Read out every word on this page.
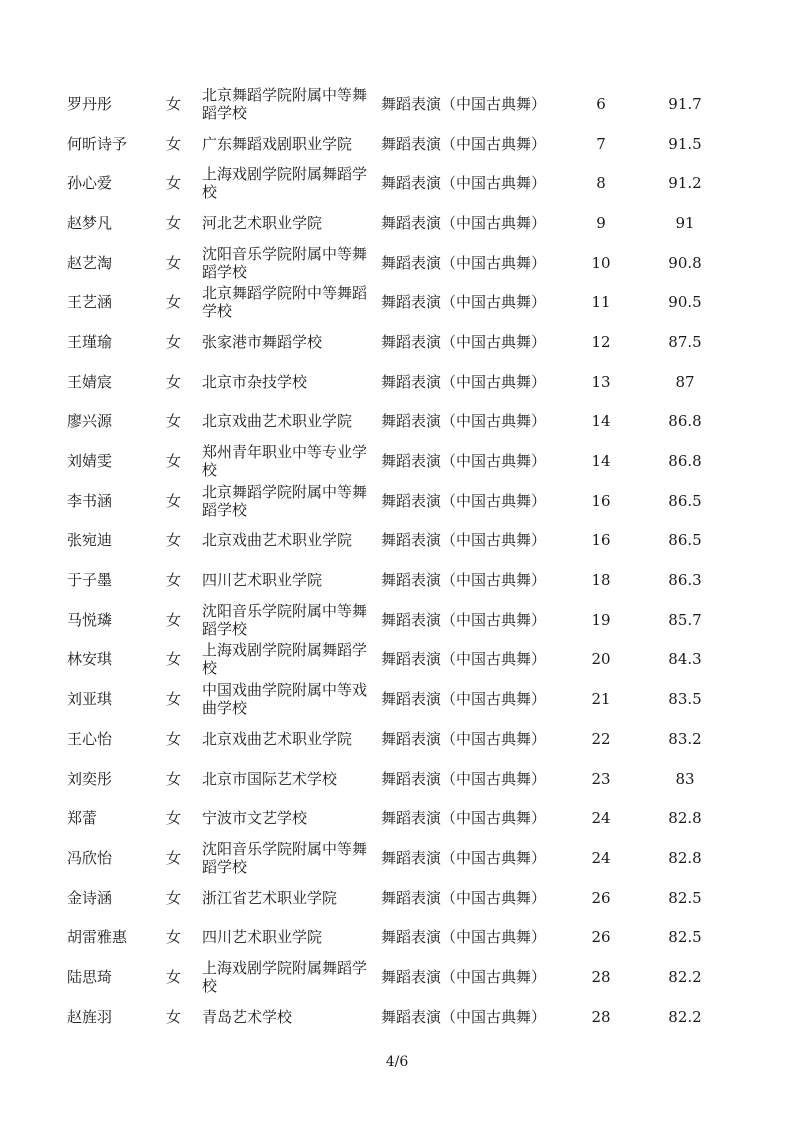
罗丹彤	女	北京舞蹈学院附属中等舞蹈学校	舞蹈表演（中国古典舞）	6	91.7
何昕诗予	女	广东舞蹈戏剧职业学院	舞蹈表演（中国古典舞）	7	91.5
孙心爱	女	上海戏剧学院附属舞蹈学校	舞蹈表演（中国古典舞）	8	91.2
赵梦凡	女	河北艺术职业学院	舞蹈表演（中国古典舞）	9	91
赵艺淘	女	沈阳音乐学院附属中等舞蹈学校	舞蹈表演（中国古典舞）	10	90.8
王艺涵	女	北京舞蹈学院附中等舞蹈学校	舞蹈表演（中国古典舞）	11	90.5
王瑾瑜	女	张家港市舞蹈学校	舞蹈表演（中国古典舞）	12	87.5
王婧宸	女	北京市杂技学校	舞蹈表演（中国古典舞）	13	87
廖兴源	女	北京戏曲艺术职业学院	舞蹈表演（中国古典舞）	14	86.8
刘婧雯	女	郑州青年职业中等专业学校	舞蹈表演（中国古典舞）	14	86.8
李书涵	女	北京舞蹈学院附属中等舞蹈学校	舞蹈表演（中国古典舞）	16	86.5
张宛迪	女	北京戏曲艺术职业学院	舞蹈表演（中国古典舞）	16	86.5
于子墨	女	四川艺术职业学院	舞蹈表演（中国古典舞）	18	86.3
马悦璘	女	沈阳音乐学院附属中等舞蹈学校	舞蹈表演（中国古典舞）	19	85.7
林安琪	女	上海戏剧学院附属舞蹈学校	舞蹈表演（中国古典舞）	20	84.3
刘亚琪	女	中国戏曲学院附属中等戏曲学校	舞蹈表演（中国古典舞）	21	83.5
王心怡	女	北京戏曲艺术职业学院	舞蹈表演（中国古典舞）	22	83.2
刘奕彤	女	北京市国际艺术学校	舞蹈表演（中国古典舞）	23	83
郑蕾	女	宁波市文艺学校	舞蹈表演（中国古典舞）	24	82.8
冯欣怡	女	沈阳音乐学院附属中等舞蹈学校	舞蹈表演（中国古典舞）	24	82.8
金诗涵	女	浙江省艺术职业学院	舞蹈表演（中国古典舞）	26	82.5
胡雷雅惠	女	四川艺术职业学院	舞蹈表演（中国古典舞）	26	82.5
陆思琦	女	上海戏剧学院附属舞蹈学校	舞蹈表演（中国古典舞）	28	82.2
赵旌羽	女	青岛艺术学校	舞蹈表演（中国古典舞）	28	82.2
4/6
